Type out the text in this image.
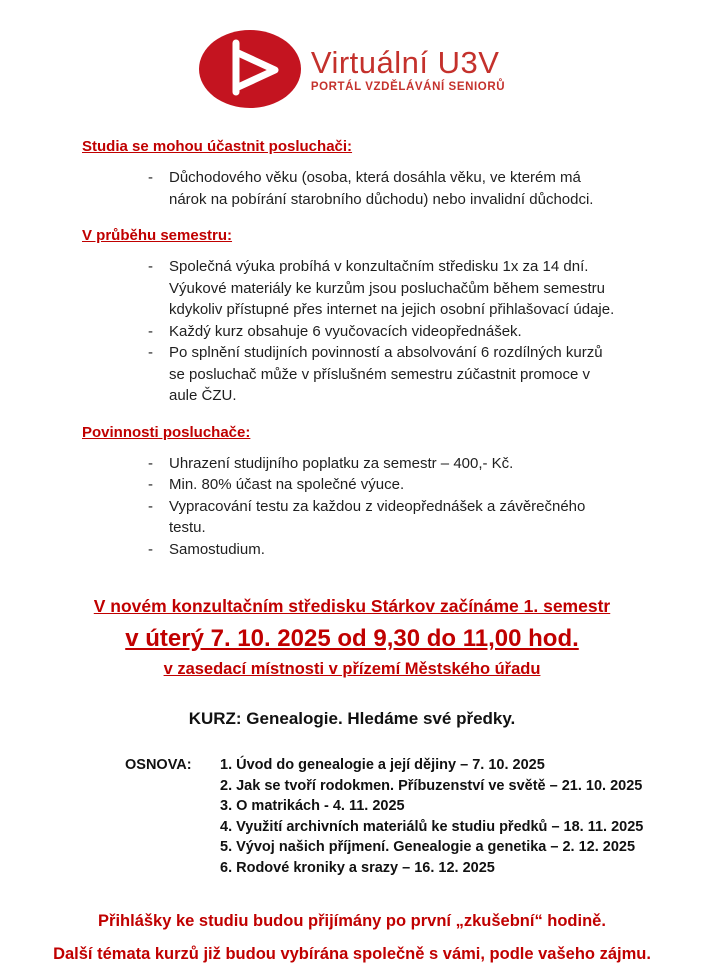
Virtuální U3V
PORTÁL VZDĚLÁVÁNÍ SENIORŮ
Studia se mohou účastnit posluchači:
-	Důchodového věku (osoba, která dosáhla věku, ve kterém má nárok na pobírání starobního důchodu) nebo invalidní důchodci.
V průběhu semestru:
-	Společná výuka probíhá v konzultačním středisku 1x za 14 dní. Výukové materiály ke kurzům jsou posluchačům během semestru kdykoliv přístupné přes internet na jejich osobní přihlašovací údaje.
-	Každý kurz obsahuje 6 vyučovacích videopřednášek.
-	Po splnění studijních povinností a absolvování 6 rozdílných kurzů se posluchač může v příslušném semestru zúčastnit promoce v aule ČZU.
Povinnosti posluchače:
-	Uhrazení studijního poplatku za semestr – 400,- Kč.
-	Min. 80% účast na společné výuce.
-	Vypracování testu za každou z videopřednášek a závěrečného testu.
-	Samostudium.

V novém konzultačním středisku Stárkov začínáme 1. semestr

v úterý 7. 10. 2025 od 9,30 do 11,00 hod.

v zasedací místnosti v přízemí Městského úřadu

KURZ: Genealogie. Hledáme své předky.
OSNOVA:	1. Úvod do genealogie a její dějiny – 7. 10. 2025
2. Jak se tvoří rodokmen. Příbuzenství ve světě – 21. 10. 2025
3. O matrikách - 4. 11. 2025
4. Využití archivních materiálů ke studiu předků – 18. 11. 2025
5. Vývoj našich příjmení. Genealogie a genetika – 2. 12. 2025
6. Rodové kroniky a srazy – 16. 12. 2025

Přihlášky ke studiu budou přijímány po první „zkušební“ hodině.

Další témata kurzů již budou vybírána společně s vámi, podle vašeho zájmu.
